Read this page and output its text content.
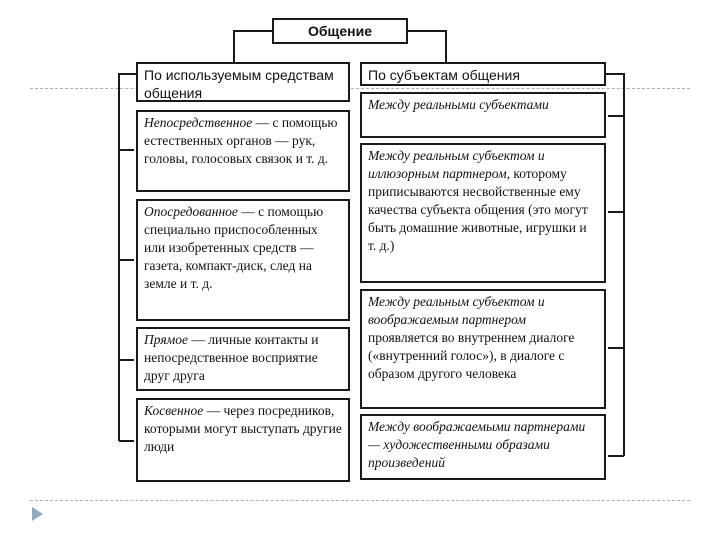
Общение
По используемым средствам общения
Непосредственное — с помощью естественных органов — рук, головы, голосовых связок и т. д.
Опосредованное — с помощью специально приспособленных или изобретенных средств — газета, компакт-диск, след на земле и т. д.
Прямое — личные контакты и непосредственное восприятие друг друга
Косвенное — через посредников, которыми могут выступать другие люди
По субъектам общения
Между реальными субъектами
Между реальным субъектом и иллюзорным партнером, которому приписываются несвойственные ему качества субъекта общения (это могут быть домашние животные, игрушки и т. д.)
Между реальным субъектом и воображаемым партнером проявляется во внутреннем диалоге («внутренний голос»), в диалоге с образом другого человека
Между воображаемыми партнерами — художественными образами произведений
